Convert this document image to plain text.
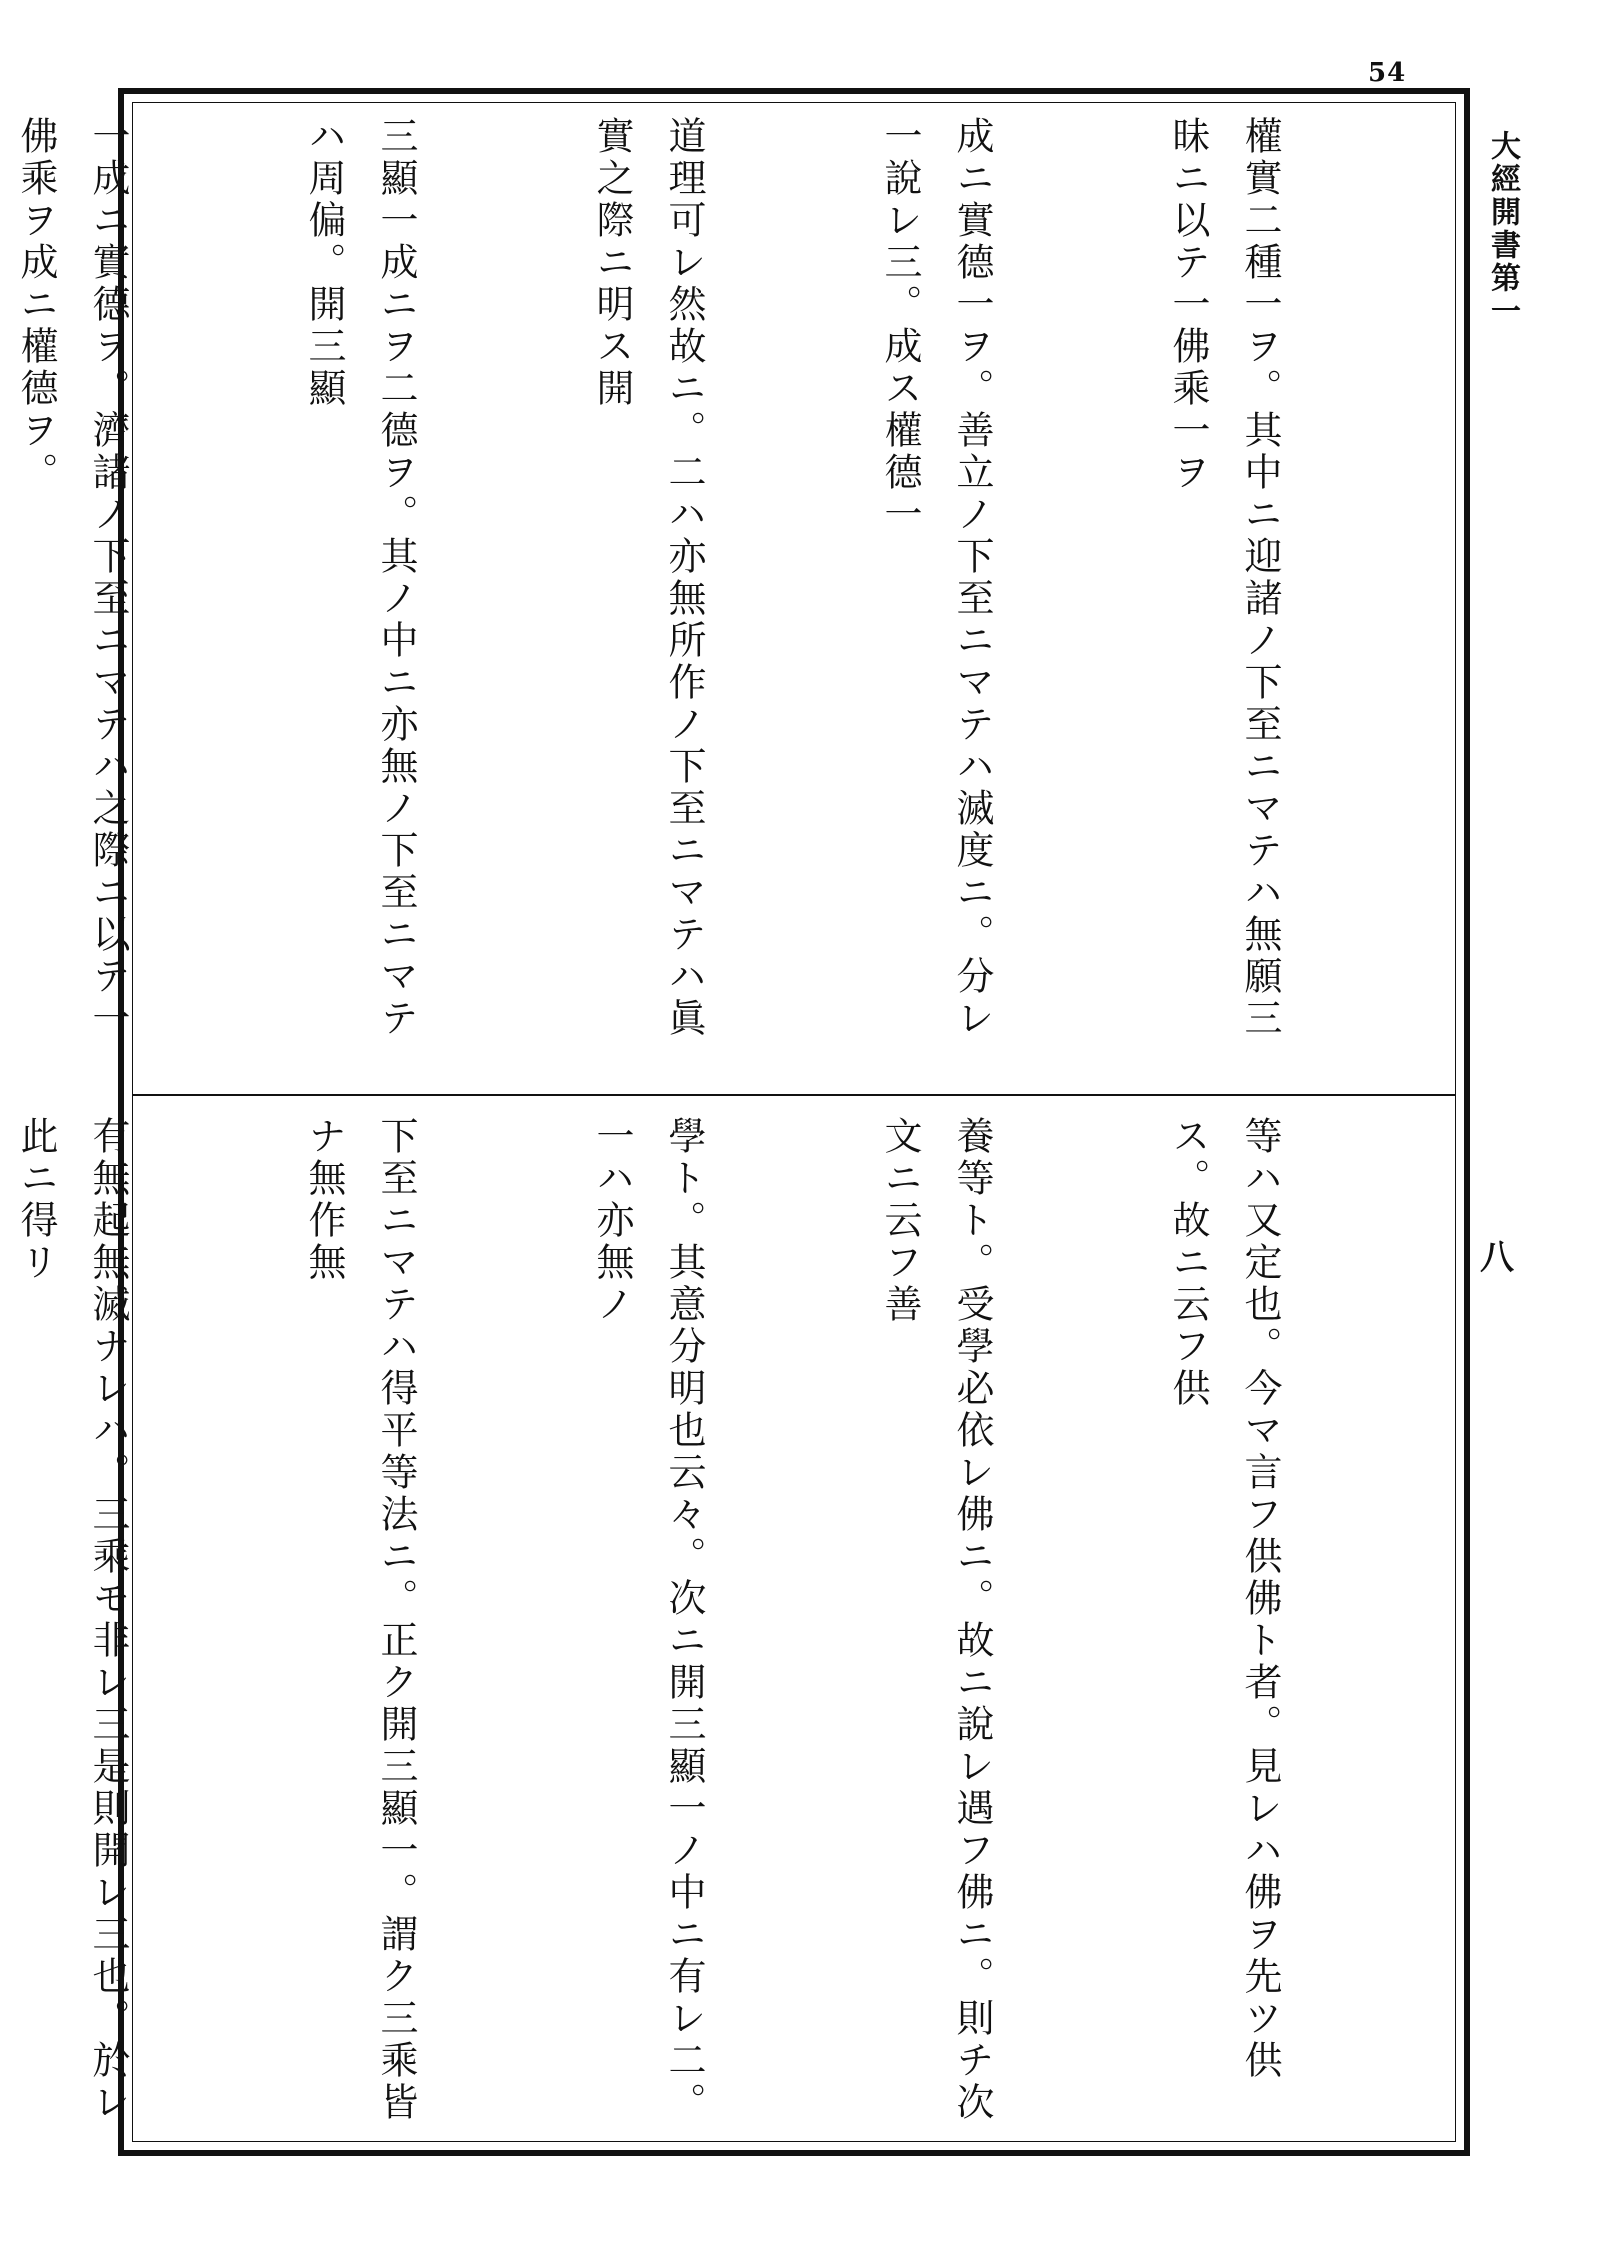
54
大經開書第一
八

權實二種一ヲ。其中ニ迎諸ノ下至ニマテハ無願三昧ニ以テ一佛乘一ヲ

成ニ實德一ヲ。善立ノ下至ニマテハ滅度ニ。分レ一說レ三。成ス權德一

道理可レ然故ニ。二ハ亦無所作ノ下至ニマテハ眞實之際ニ明ス開

三顯一成ニヲ二德ヲ。其ノ中ニ亦無ノ下至ニマテハ周偏。開三顯

一成ニ實德ヲ。濟諸ノ下至ニマテハ之際ニ以テ一佛乘ヲ成ニ權德ヲ。

等ハ又定也。今マ言フ供佛ト者。見レハ佛ヲ先ツ供ス。故ニ云フ供

養等ト。受學必依レ佛ニ。故ニ說レ遇フ佛ニ。則チ次文ニ云フ善

學ト。其意分明也云々。次ニ開三顯一ノ中ニ有レ二。一ハ亦無ノ

下至ニマテハ得平等法ニ。正ク開三顯一。謂ク三乘皆ナ無作無

有無起無滅ナレハ。三乘モ非レ三是則開レ三也。於レ此ニ得リ
